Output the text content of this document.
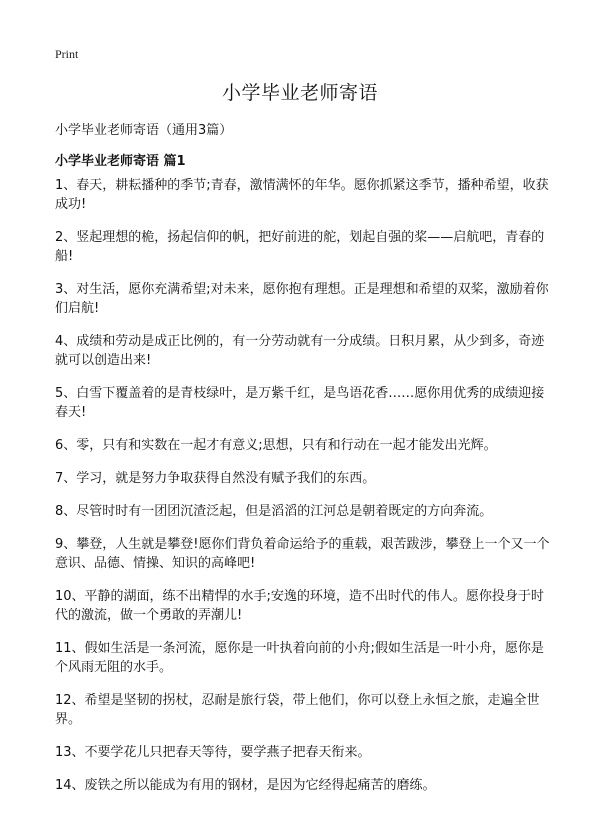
Print
小学毕业老师寄语
小学毕业老师寄语（通用3篇）
小学毕业老师寄语 篇1
1、春天，耕耘播种的季节;青春，激情满怀的年华。愿你抓紧这季节，播种希望，收获成功!
2、竖起理想的桅，扬起信仰的帆，把好前进的舵，划起自强的桨——启航吧，青春的船!
3、对生活，愿你充满希望;对未来，愿你抱有理想。正是理想和希望的双桨，激励着你们启航!
4、成绩和劳动是成正比例的，有一分劳动就有一分成绩。日积月累，从少到多，奇迹就可以创造出来!
5、白雪下覆盖着的是青枝绿叶，是万紫千红，是鸟语花香……愿你用优秀的成绩迎接春天!
6、零，只有和实数在一起才有意义;思想，只有和行动在一起才能发出光辉。
7、学习，就是努力争取获得自然没有赋予我们的东西。
8、尽管时时有一团团沉渣泛起，但是滔滔的江河总是朝着既定的方向奔流。
9、攀登，人生就是攀登!愿你们背负着命运给予的重载，艰苦跋涉，攀登上一个又一个意识、品德、情操、知识的高峰吧!
10、平静的湖面，练不出精悍的水手;安逸的环境，造不出时代的伟人。愿你投身于时代的激流，做一个勇敢的弄潮儿!
11、假如生活是一条河流，愿你是一叶执着向前的小舟;假如生活是一叶小舟，愿你是个风雨无阻的水手。
12、希望是坚韧的拐杖，忍耐是旅行袋，带上他们，你可以登上永恒之旅，走遍全世界。
13、不要学花儿只把春天等待，要学燕子把春天衔来。
14、废铁之所以能成为有用的钢材，是因为它经得起痛苦的磨练。
